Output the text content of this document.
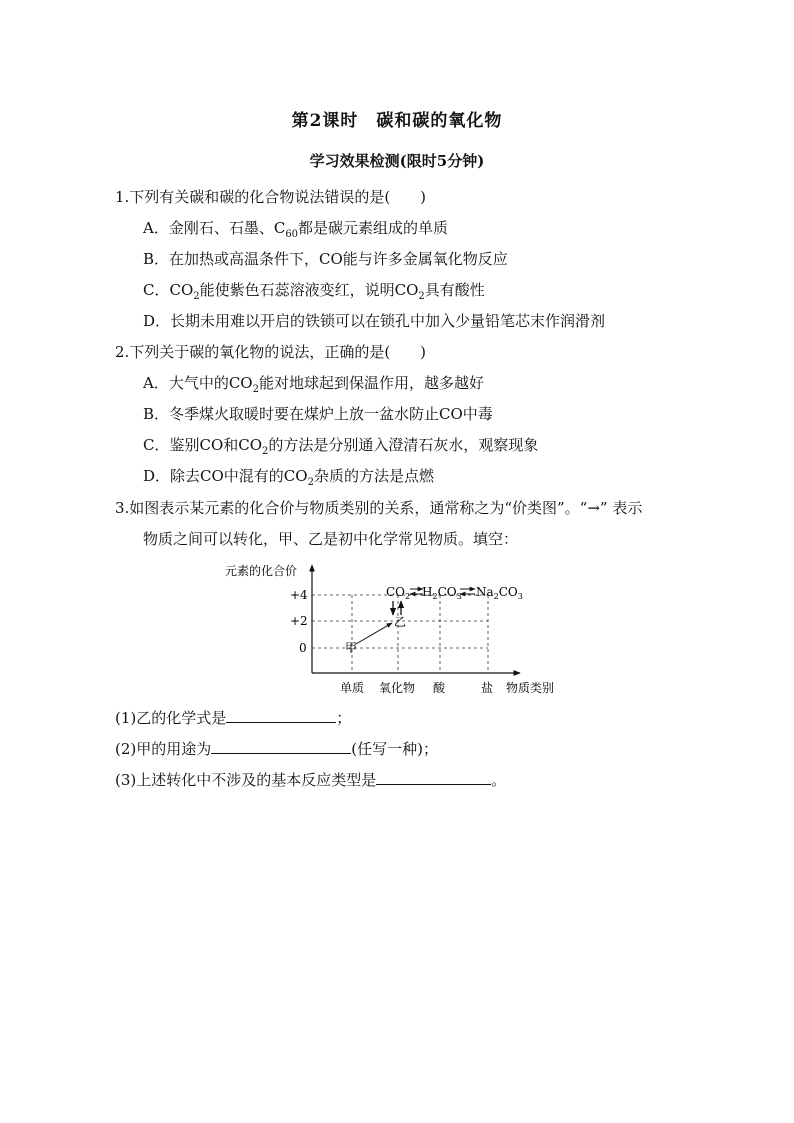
第2课时　碳和碳的氧化物
学习效果检测(限时5分钟)
1.下列有关碳和碳的化合物说法错误的是(　　)
A．金刚石、石墨、$C_{60}$都是碳元素组成的单质
B．在加热或高温条件下，CO能与许多金属氧化物反应
C．$CO_2$能使紫色石蕊溶液变红，说明$CO_2$具有酸性
D．长期未用难以开启的铁锁可以在锁孔中加入少量铅笔芯末作润滑剂
2.下列关于碳的氧化物的说法，正确的是(　　)
A．大气中的$CO_2$能对地球起到保温作用，越多越好
B．冬季煤火取暖时要在煤炉上放一盆水防止CO中毒
C．鉴别CO和$CO_2$的方法是分别通入澄清石灰水，观察现象
D．除去CO中混有的$CO_2$杂质的方法是点燃
3.如图表示某元素的化合价与物质类别的关系，通常称之为“价类图”。“→” 表示
物质之间可以转化，甲、乙是初中化学常见物质。填空：
元素的化合价
物质类别
+4
+2
0
单质 氧化物 酸	盐
甲
乙
$CO_2$ $H_2CO_3$ $Na_2CO_3$
(1)乙的化学式是	；
(2)甲的用途为	(任写一种)；
(3)上述转化中不涉及的基本反应类型是	。
